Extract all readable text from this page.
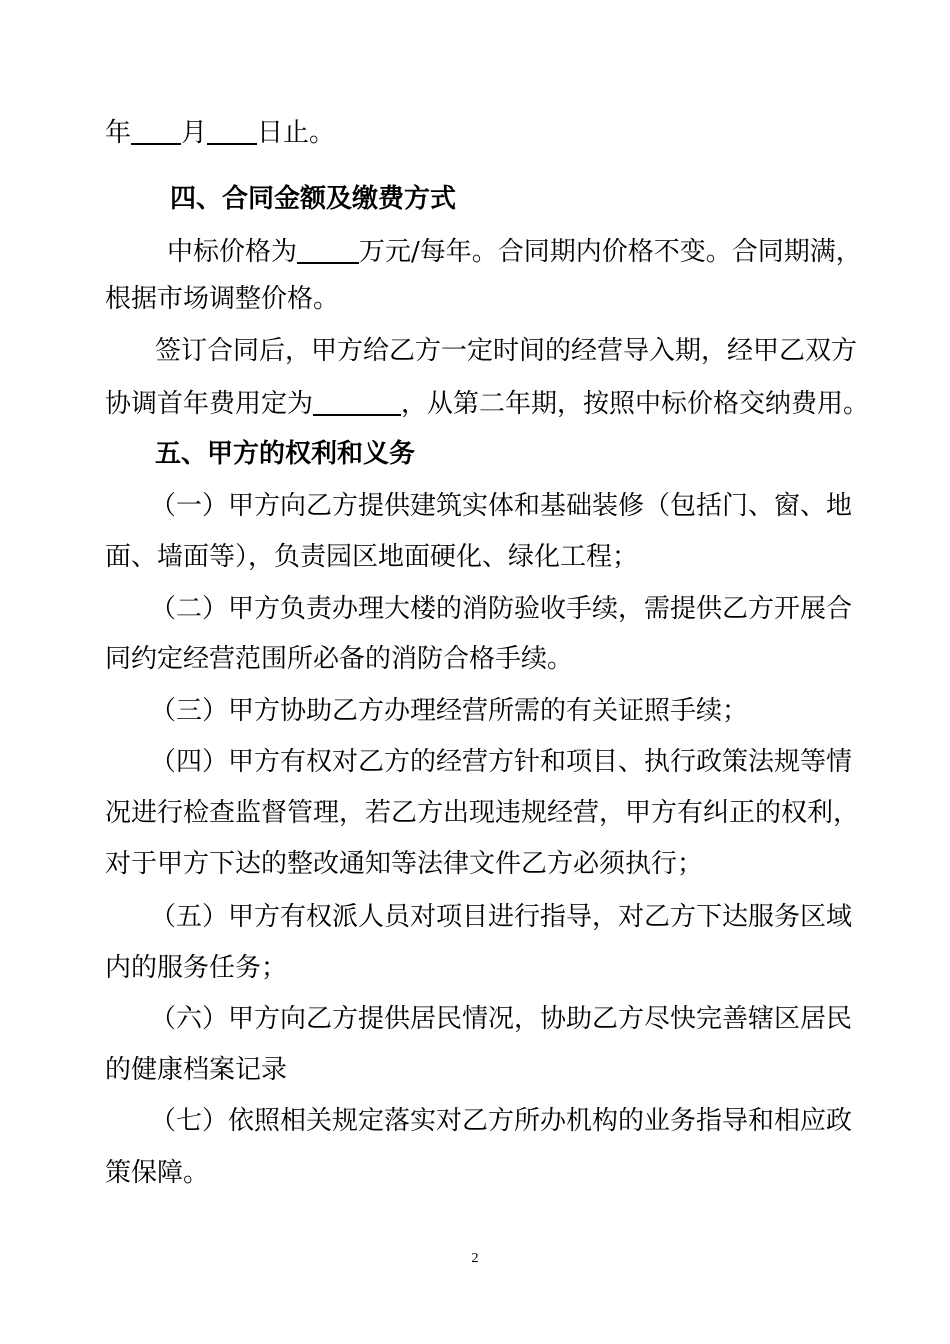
年 月 日止。
四、合同金额及缴费方式
中标价格为 万元/每年。合同期内价格不变。合同期满，
根据市场调整价格。
签订合同后，甲方给乙方一定时间的经营导入期，经甲乙双方
协调首年费用定为	，从第二年期，按照中标价格交纳费用。
五、甲方的权利和义务
（一）甲方向乙方提供建筑实体和基础装修（包括门、窗、地
面、墙面等），负责园区地面硬化、绿化工程；
（二）甲方负责办理大楼的消防验收手续，需提供乙方开展合
同约定经营范围所必备的消防合格手续。
（三）甲方协助乙方办理经营所需的有关证照手续；
（四）甲方有权对乙方的经营方针和项目、执行政策法规等情
况进行检查监督管理，若乙方出现违规经营，甲方有纠正的权利，
对于甲方下达的整改通知等法律文件乙方必须执行；
（五）甲方有权派人员对项目进行指导，对乙方下达服务区域
内的服务任务；
（六）甲方向乙方提供居民情况，协助乙方尽快完善辖区居民
的健康档案记录
（七）依照相关规定落实对乙方所办机构的业务指导和相应政
策保障。
2
